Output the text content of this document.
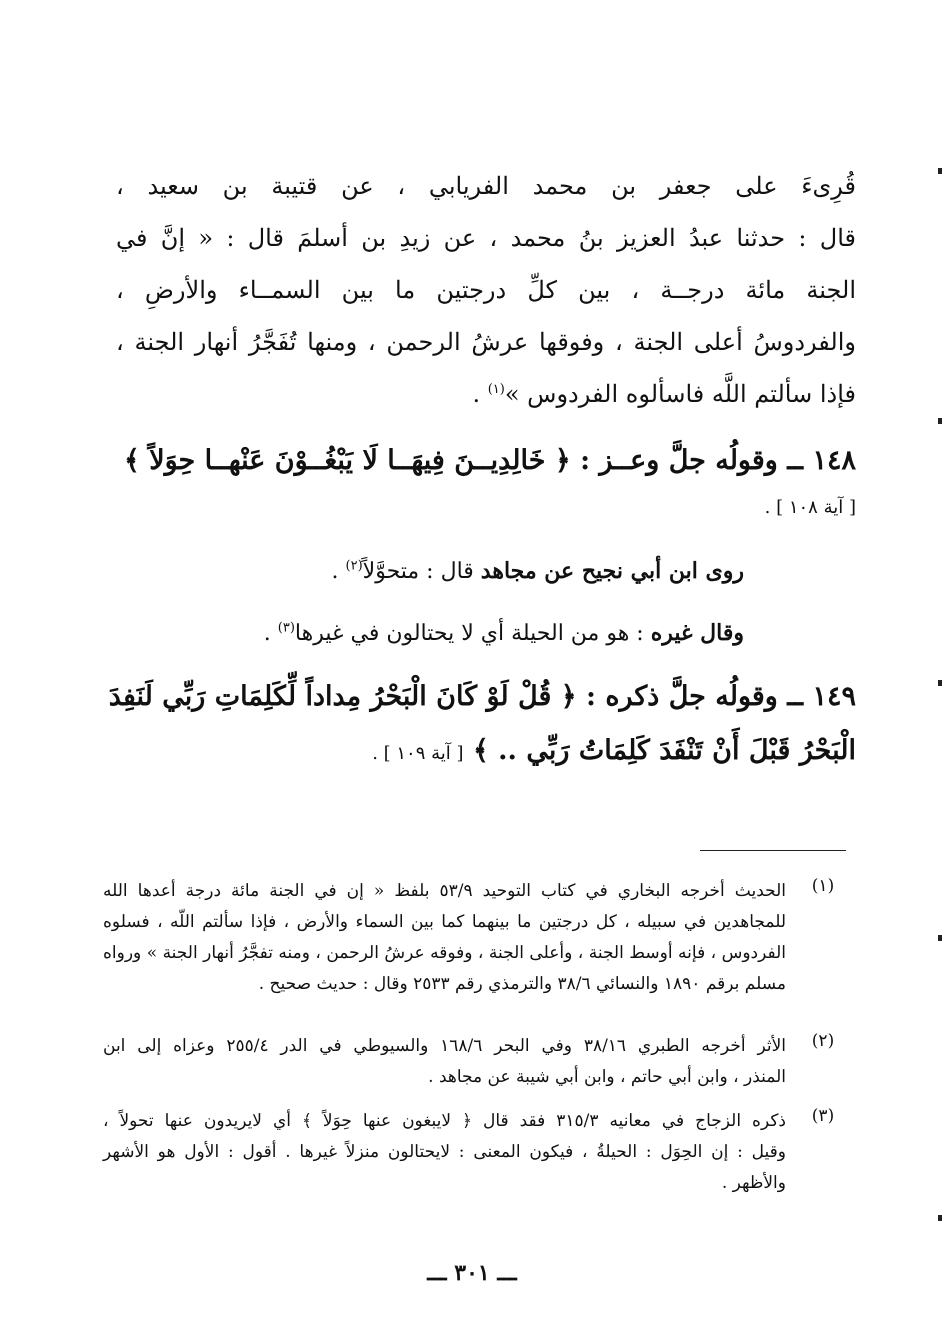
قُرِىءَ على جعفر بن محمد الفريابي ، عن قتيبة بن سعيد ،
قال : حدثنا عبدُ العزيز بنُ محمد ، عن زيدِ بن أسلمَ قال : « إنَّ في
الجنة مائة درجــة ، بين كلِّ درجتين ما بين السمــاء والأرضِ ،
والفردوسُ أعلى الجنة ، وفوقها عرشُ الرحمن ، ومنها تُفَجَّرُ أنهار الجنة ،
فإذا سألتم اللَّه فاسألوه الفردوس »$^{(١)}$ .
١٤٨ ــ وقولُه جلَّ وعــز : ﴿ خَالِدِيــنَ فِيهَــا لَا يَبْغُــوْنَ عَنْهــا حِوَلاً ﴾
[ آية ١٠٨ ] .
روى ابن أبي نجيح عن مجاهد قال : متحوَّلاً$^{(٢)}$ .
وقال غيره : هو من الحيلة أي لا يحتالون في غيرها$^{(٣)}$ .
١٤٩ ــ وقولُه جلَّ ذكره : ﴿ قُلْ لَوْ كَانَ الْبَحْرُ مِداداً لِّكَلِمَاتِ رَبِّي لَنَفِدَ
الْبَحْرُ قَبْلَ أَنْ تَنْفَدَ كَلِمَاتُ رَبِّي .. ﴾ [ آية ١٠٩ ] .
(١)
الحديث أخرجه البخاري في كتاب التوحيد ٥٣/٩ بلفظ « إن في الجنة مائة درجة أعدها الله
للمجاهدين في سبيله ، كل درجتين ما بينهما كما بين السماء والأرض ، فإذا سألتم اللّه ، فسلوه
الفردوس ، فإنه أوسط الجنة ، وأعلى الجنة ، وفوقه عرشُ الرحمن ، ومنه تفجَّرُ أنهار الجنة » ورواه
مسلم برقم ١٨٩٠ والنسائي ٣٨/٦ والترمذي رقم ٢٥٣٣ وقال : حديث صحيح .
(٢)
الأثر أخرجه الطبري ٣٨/١٦ وفي البحر ١٦٨/٦ والسيوطي في الدر ٢٥٥/٤ وعزاه إلى ابن
المنذر ، وابن أبي حاتم ، وابن أبي شيبة عن مجاهد .
(٣)
ذكره الزجاج في معانيه ٣١٥/٣ فقد قال ﴿ لايبغون عنها حِوَلاً ﴾ أي لايريدون عنها تحولاً ،
وقيل : إن الحِوَل : الحيلةُ ، فيكون المعنى : لايحتالون منزلاً غيرها . أقول : الأول هو الأشهر
والأظهر .
ـــ ٣٠١ ـــ
